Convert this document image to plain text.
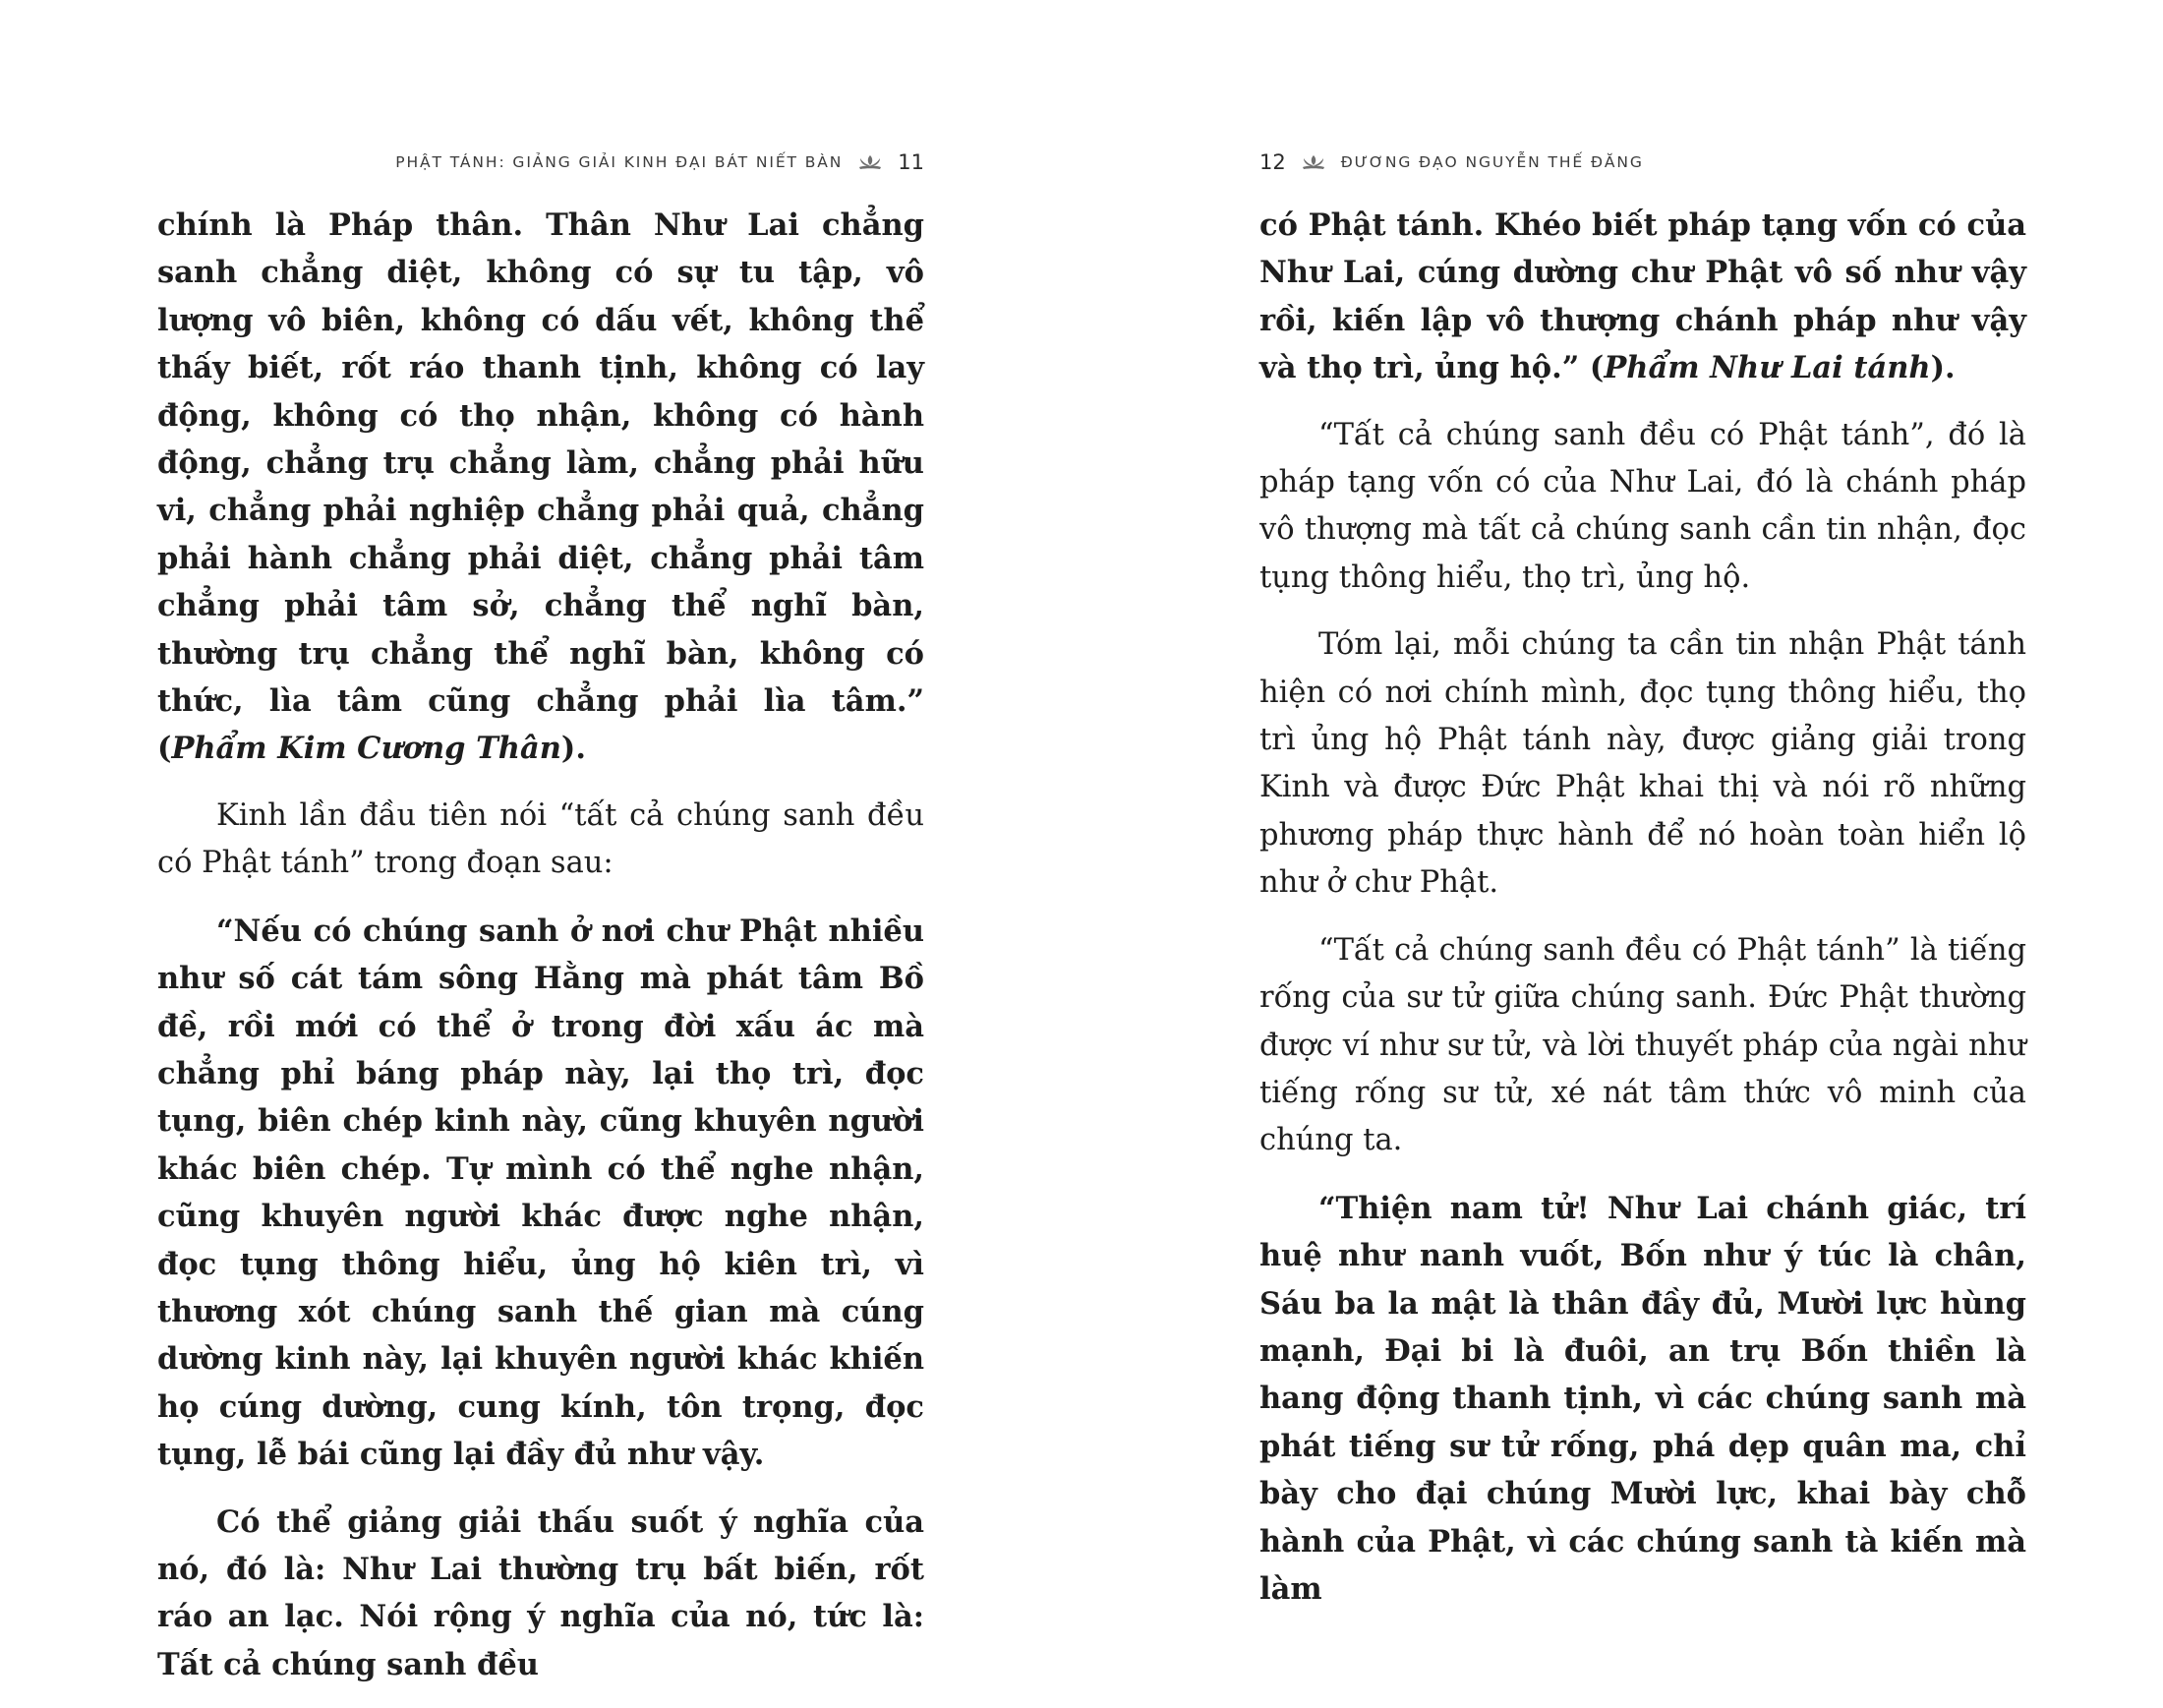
PHẬT TÁNH: GIẢNG GIẢI KINH ĐẠI BÁT NIẾT BÀN	11

chính là Pháp thân. Thân Như Lai chẳng sanh chẳng diệt, không có sự tu tập, vô lượng vô biên, không có dấu vết, không thể thấy biết, rốt ráo thanh tịnh, không có lay động, không có thọ nhận, không có hành động, chẳng trụ chẳng làm, chẳng phải hữu vi, chẳng phải nghiệp chẳng phải quả, chẳng phải hành chẳng phải diệt, chẳng phải tâm chẳng phải tâm sở, chẳng thể nghĩ bàn, thường trụ chẳng thể nghĩ bàn, không có thức, lìa tâm cũng chẳng phải lìa tâm.” (Phẩm Kim Cương Thân).

Kinh lần đầu tiên nói “tất cả chúng sanh đều có Phật tánh” trong đoạn sau:

“Nếu có chúng sanh ở nơi chư Phật nhiều như số cát tám sông Hằng mà phát tâm Bồ đề, rồi mới có thể ở trong đời xấu ác mà chẳng phỉ báng pháp này, lại thọ trì, đọc tụng, biên chép kinh này, cũng khuyên người khác biên chép. Tự mình có thể nghe nhận, cũng khuyên người khác được nghe nhận, đọc tụng thông hiểu, ủng hộ kiên trì, vì thương xót chúng sanh thế gian mà cúng dường kinh này, lại khuyên người khác khiến họ cúng dường, cung kính, tôn trọng, đọc tụng, lễ bái cũng lại đầy đủ như vậy.

Có thể giảng giải thấu suốt ý nghĩa của nó, đó là: Như Lai thường trụ bất biến, rốt ráo an lạc. Nói rộng ý nghĩa của nó, tức là: Tất cả chúng sanh đều

12	ĐƯƠNG ĐẠO NGUYỄN THẾ ĐĂNG

có Phật tánh. Khéo biết pháp tạng vốn có của Như Lai, cúng dường chư Phật vô số như vậy rồi, kiến lập vô thượng chánh pháp như vậy và thọ trì, ủng hộ.” (Phẩm Như Lai tánh).

“Tất cả chúng sanh đều có Phật tánh”, đó là pháp tạng vốn có của Như Lai, đó là chánh pháp vô thượng mà tất cả chúng sanh cần tin nhận, đọc tụng thông hiểu, thọ trì, ủng hộ.

Tóm lại, mỗi chúng ta cần tin nhận Phật tánh hiện có nơi chính mình, đọc tụng thông hiểu, thọ trì ủng hộ Phật tánh này, được giảng giải trong Kinh và được Đức Phật khai thị và nói rõ những phương pháp thực hành để nó hoàn toàn hiển lộ như ở chư Phật.

“Tất cả chúng sanh đều có Phật tánh” là tiếng rống của sư tử giữa chúng sanh. Đức Phật thường được ví như sư tử, và lời thuyết pháp của ngài như tiếng rống sư tử, xé nát tâm thức vô minh của chúng ta.

“Thiện nam tử! Như Lai chánh giác, trí huệ như nanh vuốt, Bốn như ý túc là chân, Sáu ba la mật là thân đầy đủ, Mười lực hùng mạnh, Đại bi là đuôi, an trụ Bốn thiền là hang động thanh tịnh, vì các chúng sanh mà phát tiếng sư tử rống, phá dẹp quân ma, chỉ bày cho đại chúng Mười lực, khai bày chỗ hành của Phật, vì các chúng sanh tà kiến mà làm
